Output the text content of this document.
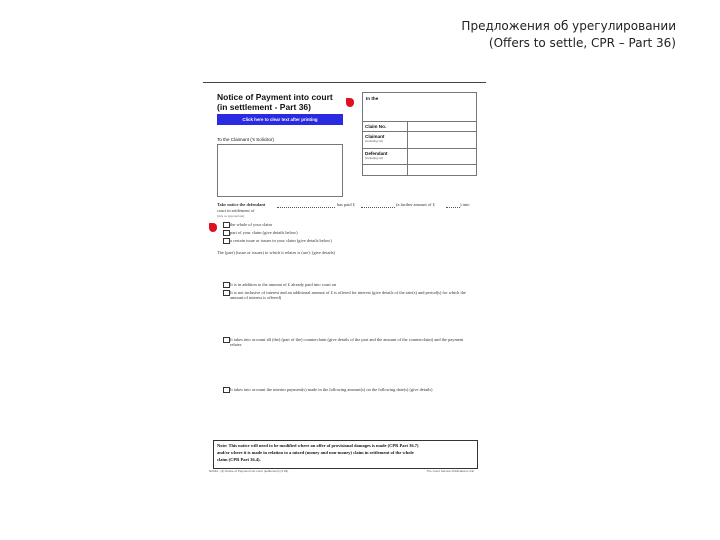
Предложения об урегулировании
(Offers to settle, CPR – Part 36)
Notice of Payment into court
(in settlement - Part 36)
Click here to clear text after printing
In the
Claim No.
Claimant
(including ref)
Defendant
(including ref)
To the Claimant ('s Solicitor)
Take notice the defendant	has paid £	(a further amount of £	) into
court in settlement of
(tick as appropriate)
the whole of your claim
part of your claim (give details below)
a certain issue or issues in your claim (give details below)
The (part) (issue or issues) to which it relates is (are): (give details)
It is in addition to the amount of £ already paid into court on
It is not inclusive of interest and an additional amount of £ is offered for interest (give details of the rate(s) and period(s) for which the amount of interest is offered)
It takes into account all (the) (part of the) counterclaim (give details of the part and the amount of the counterclaim) and the payment relates
It takes into account the interim payment(s) made in the following amount(s) on the following date(s) (give details)
Note: This notice will need to be modified where an offer of provisional damages is made (CPR Part 36.7)
and/or where it is made in relation to a mixed (money and non-money) claim in settlement of the whole
claim (CPR Part 36.4).
N242A - (4) Notice of Payment into court (settlement) (4.03)	The Court Service Publications Unit
